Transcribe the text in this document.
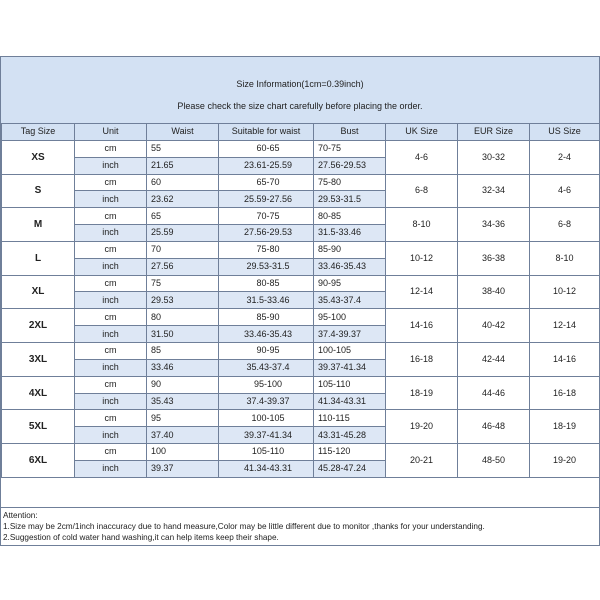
Size Information(1cm=0.39inch)
Please check the size chart carefully before placing the order.
Tag Size	Unit	Waist	Suitable for waist	Bust	UK Size	EUR Size	US Size
XS	cm	55	60-65	70-75	4-6	30-32	2-4
	inch	21.65	23.61-25.59	27.56-29.53			
S	cm	60	65-70	75-80	6-8	32-34	4-6
	inch	23.62	25.59-27.56	29.53-31.5			
M	cm	65	70-75	80-85	8-10	34-36	6-8
	inch	25.59	27.56-29.53	31.5-33.46			
L	cm	70	75-80	85-90	10-12	36-38	8-10
	inch	27.56	29.53-31.5	33.46-35.43			
XL	cm	75	80-85	90-95	12-14	38-40	10-12
	inch	29.53	31.5-33.46	35.43-37.4			
2XL	cm	80	85-90	95-100	14-16	40-42	12-14
	inch	31.50	33.46-35.43	37.4-39.37			
3XL	cm	85	90-95	100-105	16-18	42-44	14-16
	inch	33.46	35.43-37.4	39.37-41.34			
4XL	cm	90	95-100	105-110	18-19	44-46	16-18
	inch	35.43	37.4-39.37	41.34-43.31			
5XL	cm	95	100-105	110-115	19-20	46-48	18-19
	inch	37.40	39.37-41.34	43.31-45.28			
6XL	cm	100	105-110	115-120	20-21	48-50	19-20
	inch	39.37	41.34-43.31	45.28-47.24			
Attention:
1.Size may be 2cm/1inch inaccuracy due to hand measure,Color may be little different due to monitor ,thanks for your understanding.
2.Suggestion of cold water hand washing,it can help items keep their shape.
